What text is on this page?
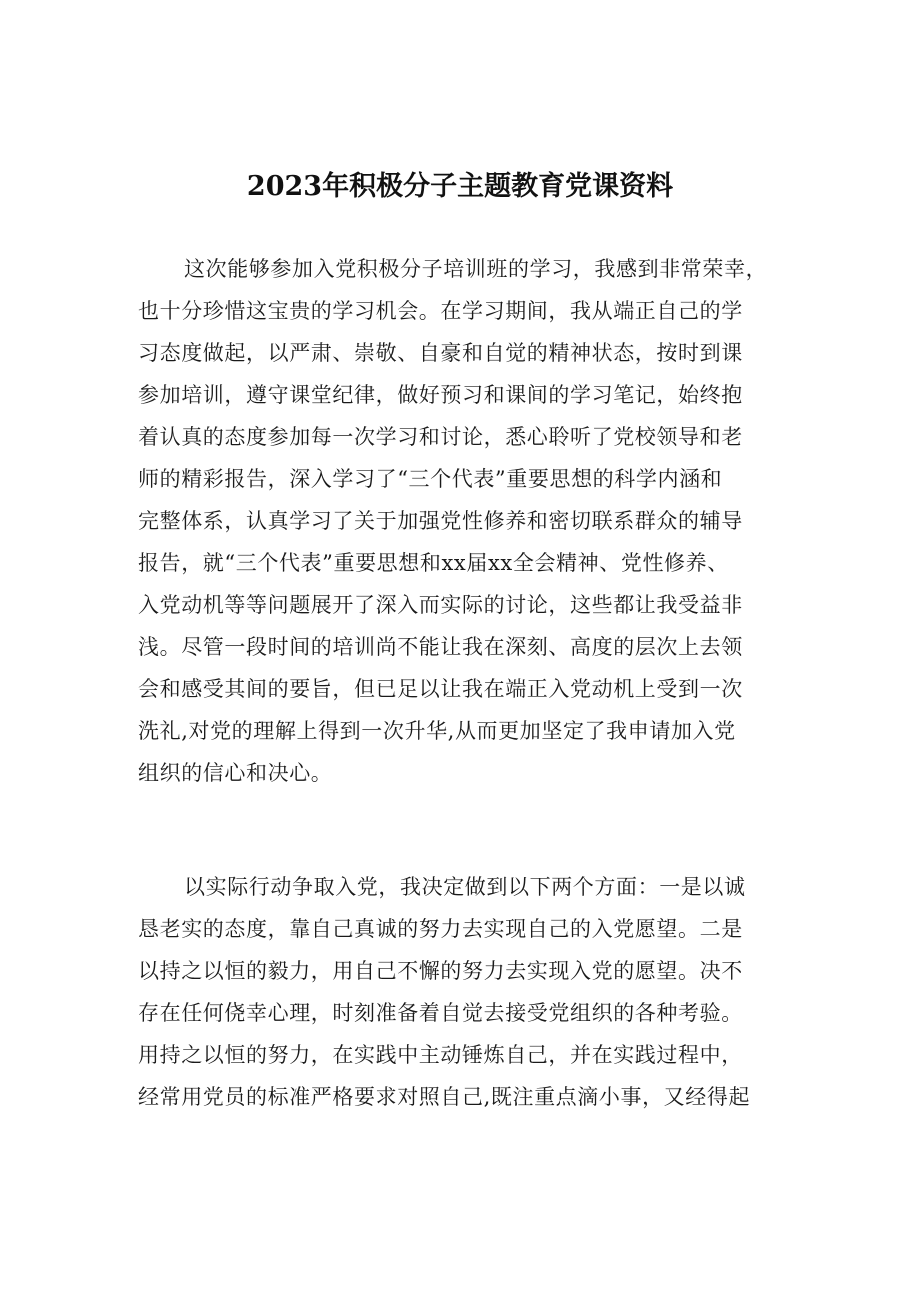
2023年积极分子主题教育党课资料
这次能够参加入党积极分子培训班的学习，我感到非常荣幸，
也十分珍惜这宝贵的学习机会。在学习期间，我从端正自己的学
习态度做起，以严肃、崇敬、自豪和自觉的精神状态，按时到课
参加培训，遵守课堂纪律，做好预习和课间的学习笔记，始终抱
着认真的态度参加每一次学习和讨论，悉心聆听了党校领导和老
师的精彩报告，深入学习了“三个代表”重要思想的科学内涵和
完整体系，认真学习了关于加强党性修养和密切联系群众的辅导
报告，就“三个代表”重要思想和xx届xx全会精神、党性修养、
入党动机等等问题展开了深入而实际的讨论，这些都让我受益非
浅。尽管一段时间的培训尚不能让我在深刻、高度的层次上去领
会和感受其间的要旨，但已足以让我在端正入党动机上受到一次
洗礼,对党的理解上得到一次升华,从而更加坚定了我申请加入党
组织的信心和决心。
以实际行动争取入党，我决定做到以下两个方面：一是以诚
恳老实的态度，靠自己真诚的努力去实现自己的入党愿望。二是
以持之以恒的毅力，用自己不懈的努力去实现入党的愿望。决不
存在任何侥幸心理，时刻准备着自觉去接受党组织的各种考验。
用持之以恒的努力，在实践中主动锤炼自己，并在实践过程中，
经常用党员的标准严格要求对照自己,既注重点滴小事，又经得起
